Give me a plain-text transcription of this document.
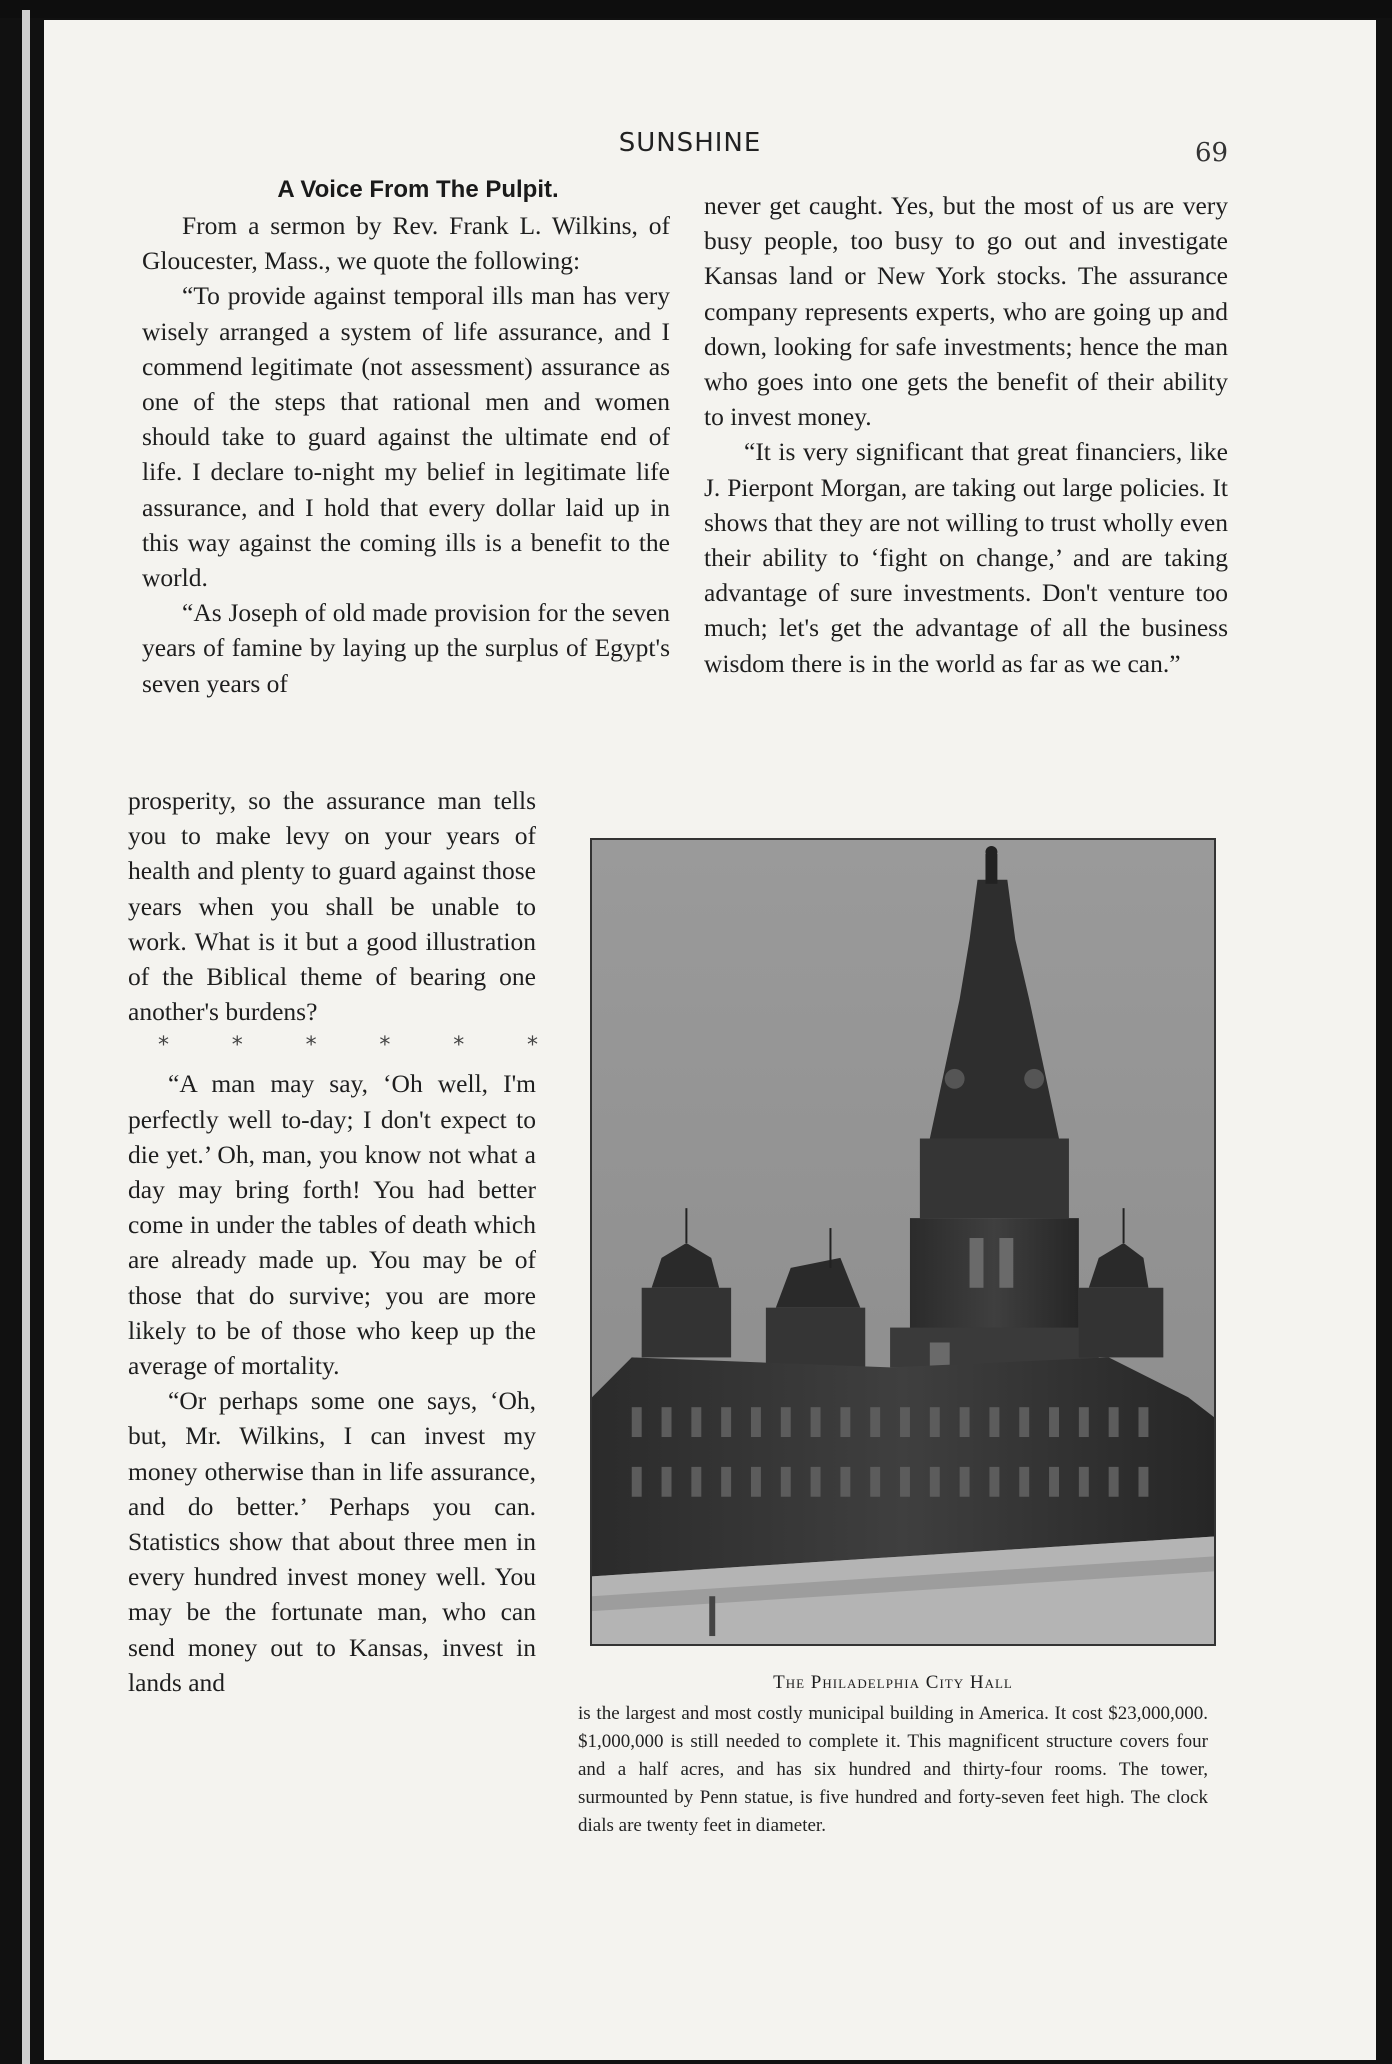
SUNSHINE	69

A Voice From The Pulpit.

From a sermon by Rev. Frank L. Wilkins, of Gloucester, Mass., we quote the following:

“To provide against temporal ills man has very wisely arranged a system of life assurance, and I commend legitimate (not assessment) assurance as one of the steps that rational men and women should take to guard against the ultimate end of life. I declare to-night my belief in legitimate life assurance, and I hold that every dollar laid up in this way against the coming ills is a benefit to the world.

“As Joseph of old made provision for the seven years of famine by laying up the surplus of Egypt's seven years of

prosperity, so the assurance man tells you to make levy on your years of health and plenty to guard against those years when you shall be unable to work. What is it but a good illustration of the Biblical theme of bearing one another's burdens?

*	*	*	*	*	*

“A man may say, ‘Oh well, I'm perfectly well to-day; I don't expect to die yet.’ Oh, man, you know not what a day may bring forth! You had better come in under the tables of death which are already made up. You may be of those that do survive; you are more likely to be of those who keep up the average of mortality.

“Or perhaps some one says, ‘Oh, but, Mr. Wilkins, I can invest my money otherwise than in life assurance, and do better.’ Perhaps you can. Statistics show that about three men in every hundred invest money well. You may be the fortunate man, who can send money out to Kansas, invest in lands and

never get caught. Yes, but the most of us are very busy people, too busy to go out and investigate Kansas land or New York stocks. The assurance company represents experts, who are going up and down, looking for safe investments; hence the man who goes into one gets the benefit of their ability to invest money.

“It is very significant that great financiers, like J. Pierpont Morgan, are taking out large policies. It shows that they are not willing to trust wholly even their ability to ‘fight on change,’ and are taking advantage of sure investments. Don't venture too much; let's get the advantage of all the business wisdom there is in the world as far as we can.”

The Philadelphia City Hall

is the largest and most costly municipal building in America. It cost $23,000,000. $1,000,000 is still needed to complete it. This magnificent structure covers four and a half acres, and has six hundred and thirty-four rooms. The tower, surmounted by Penn statue, is five hundred and forty-seven feet high. The clock dials are twenty feet in diameter.
